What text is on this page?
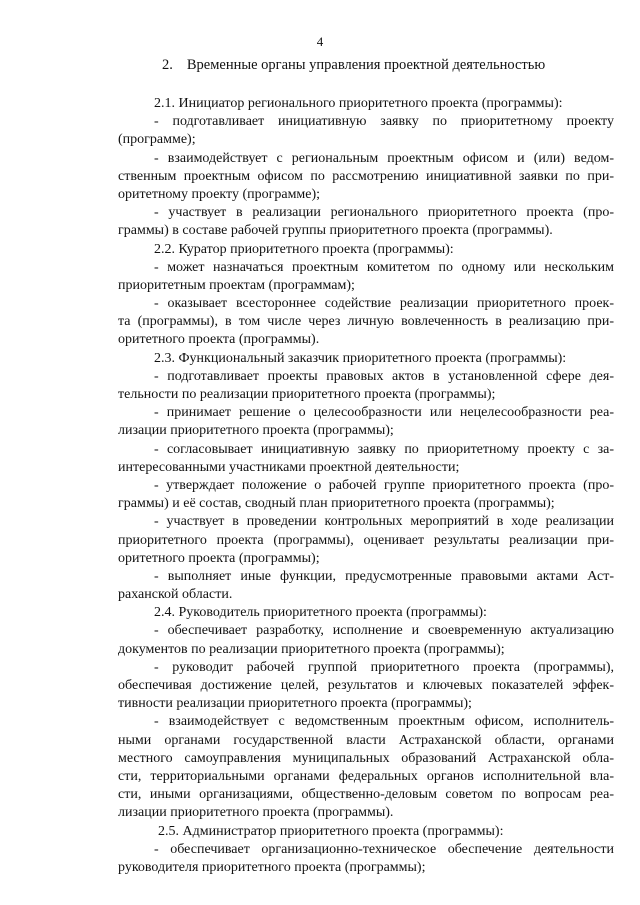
4
2. Временные органы управления проектной деятельностью
2.1. Инициатор регионального приоритетного проекта (программы):
- подготавливает инициативную заявку по приоритетному проекту
(программе);
- взаимодействует с региональным проектным офисом и (или) ведом-
ственным проектным офисом по рассмотрению инициативной заявки по при-
оритетному проекту (программе);
- участвует в реализации регионального приоритетного проекта (про-
граммы) в составе рабочей группы приоритетного проекта (программы).
2.2. Куратор приоритетного проекта (программы):
- может назначаться проектным комитетом по одному или нескольким
приоритетным проектам (программам);
- оказывает всестороннее содействие реализации приоритетного проек-
та (программы), в том числе через личную вовлеченность в реализацию при-
оритетного проекта (программы).
2.3. Функциональный заказчик приоритетного проекта (программы):
- подготавливает проекты правовых актов в установленной сфере дея-
тельности по реализации приоритетного проекта (программы);
- принимает решение о целесообразности или нецелесообразности реа-
лизации приоритетного проекта (программы);
- согласовывает инициативную заявку по приоритетному проекту с за-
интересованными участниками проектной деятельности;
- утверждает положение о рабочей группе приоритетного проекта (про-
граммы) и её состав, сводный план приоритетного проекта (программы);
- участвует в проведении контрольных мероприятий в ходе реализации
приоритетного проекта (программы), оценивает результаты реализации при-
оритетного проекта (программы);
- выполняет иные функции, предусмотренные правовыми актами Аст-
раханской области.
2.4. Руководитель приоритетного проекта (программы):
- обеспечивает разработку, исполнение и своевременную актуализацию
документов по реализации приоритетного проекта (программы);
- руководит рабочей группой приоритетного проекта (программы),
обеспечивая достижение целей, результатов и ключевых показателей эффек-
тивности реализации приоритетного проекта (программы);
- взаимодействует с ведомственным проектным офисом, исполнитель-
ными органами государственной власти Астраханской области, органами
местного самоуправления муниципальных образований Астраханской обла-
сти, территориальными органами федеральных органов исполнительной вла-
сти, иными организациями, общественно-деловым советом по вопросам реа-
лизации приоритетного проекта (программы).
2.5. Администратор приоритетного проекта (программы):
- обеспечивает организационно-техническое обеспечение деятельности
руководителя приоритетного проекта (программы);
